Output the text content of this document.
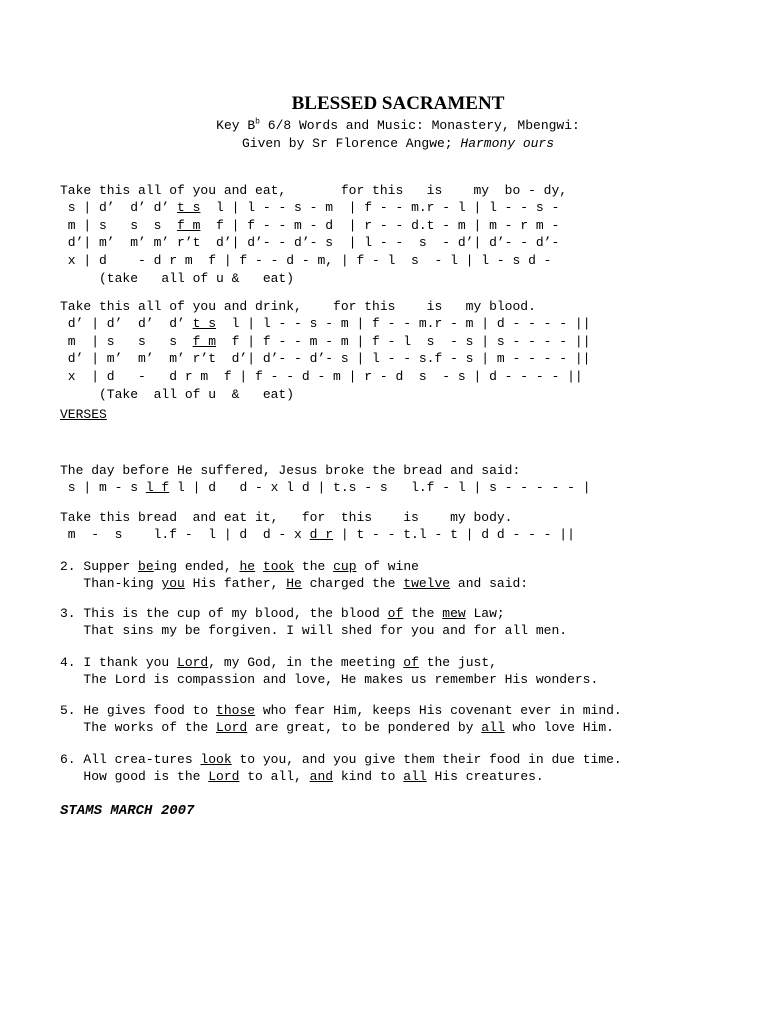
BLESSED SACRAMENT

Key $B^b$ 6/8 Words and Music: Monastery, Mbengwi:

Given by Sr Florence Angwe; Harmony ours

Take this all of you and eat,       for this   is    my  bo - dy,
s | d’  d’ d’ t s  l | l - - s - m  | f - - m.r - l | l - - s -
m | s   s  s  f m  f | f - - m - d  | r - - d.t - m | m - r m -
d’| m’  m’ m’ r’t  d’| d’- - d’- s  | l - -  s  - d’| d’- - d’-
x | d    - d r m  f | f - - d - m, | f - l  s  - l | l - s d -
(take   all of u &   eat)

Take this all of you and drink,    for this    is   my blood.
d’ | d’  d’  d’ t s  l | l - - s - m | f - - m.r - m | d - - - - ||
m  | s   s   s  f m  f | f - - m - m | f - l  s  - s | s - - - - ||
d’ | m’  m’  m’ r’t  d’| d’- - d’- s | l - - s.f - s | m - - - - ||
x  | d   -   d r m  f | f - - d - m | r - d  s  - s | d - - - - ||
(Take  all of u  &   eat)

VERSES

The day before He suffered, Jesus broke the bread and said:
s | m - s l f l | d   d - x l d | t.s - s   l.f - l | s - - - - - |

Take this bread  and eat it,   for  this    is    my body.
m  -  s    l.f -  l | d  d - x d r | t - - t.l - t | d d - - - ||

2. Supper being ended, he took the cup of wine
Than-king you His father, He charged the twelve and said:

3. This is the cup of my blood, the blood of the mew Law;
That sins my be forgiven. I will shed for you and for all men.

4. I thank you Lord, my God, in the meeting of the just,
The Lord is compassion and love, He makes us remember His wonders.

5. He gives food to those who fear Him, keeps His covenant ever in mind.
The works of the Lord are great, to be pondered by all who love Him.

6. All crea-tures look to you, and you give them their food in due time.
How good is the Lord to all, and kind to all His creatures.

STAMS MARCH 2007
